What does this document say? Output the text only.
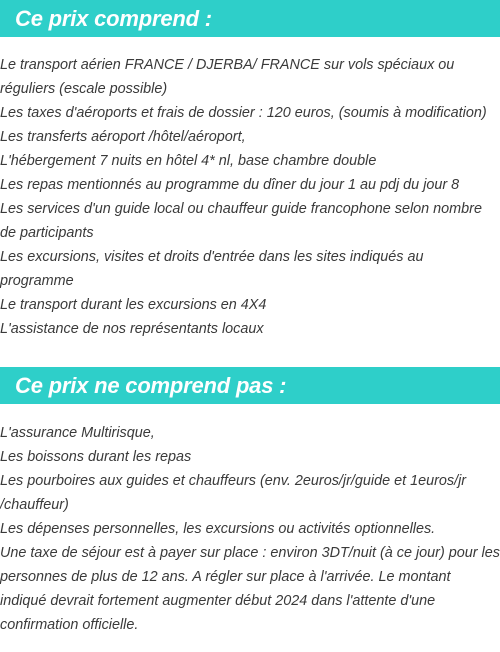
Ce prix comprend :
Le transport aérien FRANCE / DJERBA/ FRANCE sur vols spéciaux ou réguliers (escale possible)
Les taxes d'aéroports et frais de dossier : 120 euros, (soumis à modification)
Les transferts aéroport /hôtel/aéroport,
L'hébergement 7 nuits en hôtel 4* nl, base chambre double
Les repas mentionnés au programme du dîner du jour 1 au pdj du jour 8
Les services d'un guide local ou chauffeur guide francophone selon nombre de participants
Les excursions, visites et droits d'entrée dans les sites indiqués au programme
Le transport durant les excursions en 4X4
L'assistance de nos représentants locaux
Ce prix ne comprend pas :
L'assurance Multirisque,
Les boissons durant les repas
Les pourboires aux guides et chauffeurs (env. 2euros/jr/guide et 1euros/jr /chauffeur)
Les dépenses personnelles, les excursions ou activités optionnelles.
Une taxe de séjour est à payer sur place : environ 3DT/nuit (à ce jour) pour les personnes de plus de 12 ans. A régler sur place à l'arrivée. Le montant indiqué devrait fortement augmenter début 2024 dans l'attente d'une confirmation officielle.
